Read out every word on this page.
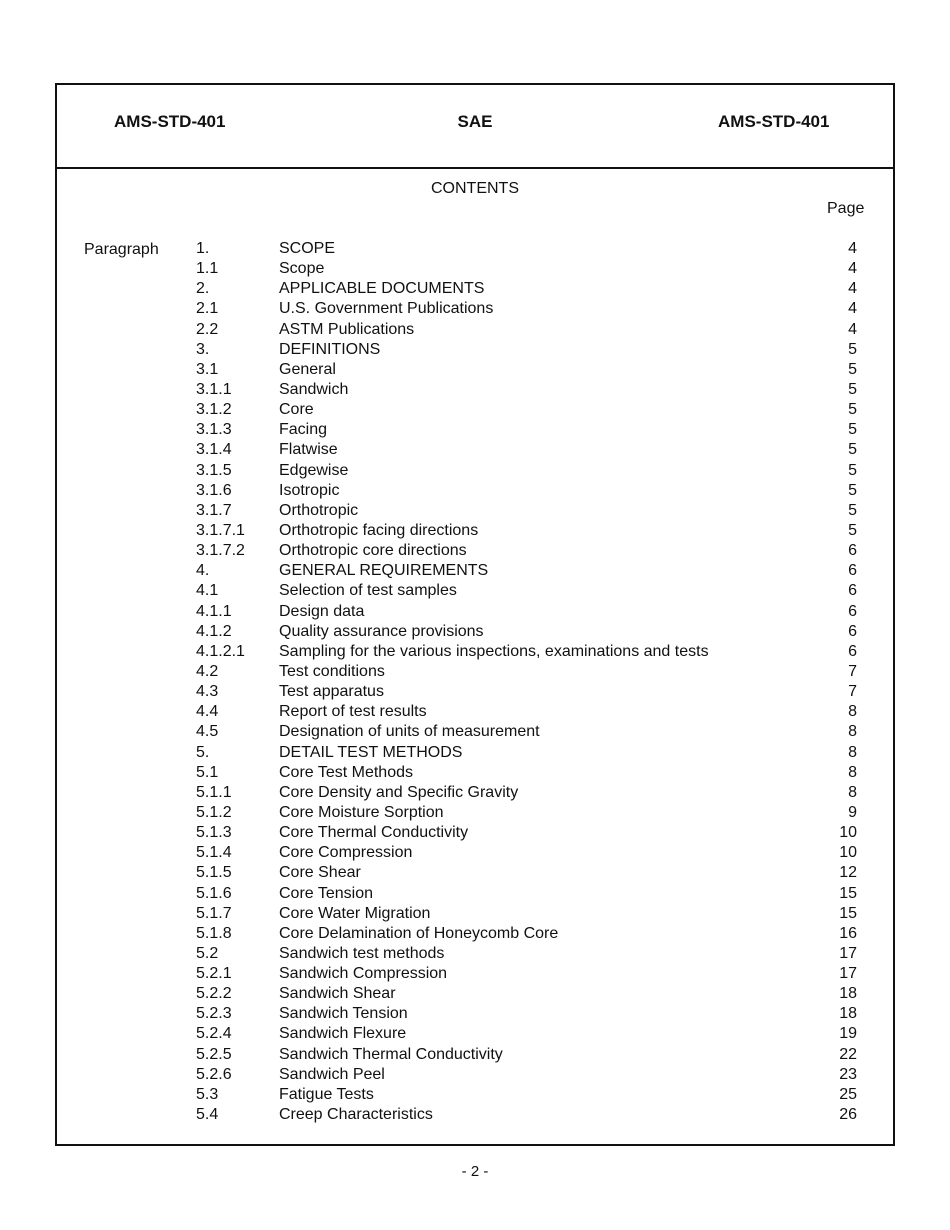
AMS-STD-401	SAE	AMS-STD-401
CONTENTS
Page
Paragraph 1.	SCOPE	4
1.1	Scope	4
2.	APPLICABLE DOCUMENTS	4
2.1	U.S. Government Publications	4
2.2	ASTM Publications	4
3.	DEFINITIONS	5
3.1	General	5
3.1.1	Sandwich	5
3.1.2	Core	5
3.1.3	Facing	5
3.1.4	Flatwise	5
3.1.5	Edgewise	5
3.1.6	Isotropic	5
3.1.7	Orthotropic	5
3.1.7.1 Orthotropic facing directions	5
3.1.7.2 Orthotropic core directions	6
4.	GENERAL REQUIREMENTS	6
4.1	Selection of test samples	6
4.1.1	Design data	6
4.1.2	Quality assurance provisions	6
4.1.2.1 Sampling for the various inspections, examinations and tests	6
4.2	Test conditions	7
4.3	Test apparatus	7
4.4	Report of test results	8
4.5	Designation of units of measurement	8
5.	DETAIL TEST METHODS	8
5.1	Core Test Methods	8
5.1.1	Core Density and Specific Gravity	8
5.1.2	Core Moisture Sorption	9
5.1.3	Core Thermal Conductivity	10
5.1.4	Core Compression	10
5.1.5	Core Shear	12
5.1.6	Core Tension	15
5.1.7	Core Water Migration	15
5.1.8	Core Delamination of Honeycomb Core	16
5.2	Sandwich test methods	17
5.2.1	Sandwich Compression	17
5.2.2	Sandwich Shear	18
5.2.3	Sandwich Tension	18
5.2.4	Sandwich Flexure	19
5.2.5	Sandwich Thermal Conductivity	22
5.2.6	Sandwich Peel	23
5.3	Fatigue Tests	25
5.4	Creep Characteristics	26
- 2 -
